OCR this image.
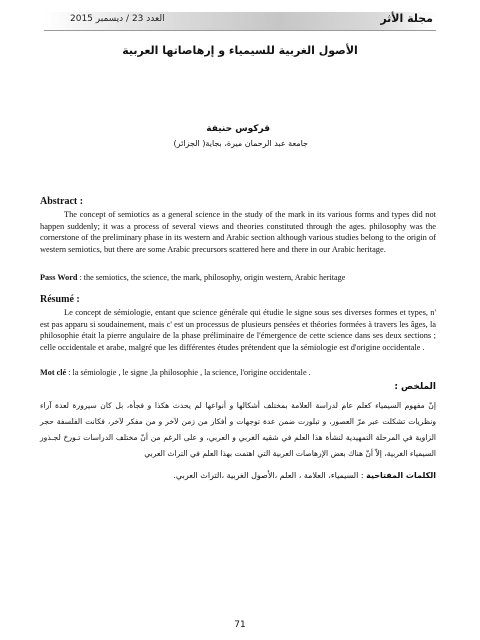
العدد 23 / ديسمبر 2015	مجلة الأثر
الأصول الغربية للسيمياء و إرهاصاتها العربية
قركوس حنيفة
جامعة عبد الرحمان ميرة، بجاية( الجزائر)
Abstract :
The concept of semiotics as a general science in the study of the mark in its various forms and types did not happen suddenly; it was a process of several views and theories constituted through the ages. philosophy was the cornerstone of the preliminary phase in its western and Arabic section although various studies belong to the origin of western semiotics, but there are some Arabic precursors scattered here and there in our Arabic heritage.
Pass Word : the semiotics, the science, the mark, philosophy, origin western, Arabic heritage
Résumé :
Le concept de sémiologie, entant que science générale qui étudie le signe sous ses diverses formes et types, n' est pas apparu si soudainement, mais c' est un processus de plusieurs pensées et théories formées à travers les âges, la philosophie était la pierre angulaire de la phase préliminaire de l'émergence de cette science dans ses deux sections ; celle occidentale et arabe, malgré que les différentes études prétendent que la sémiologie est d'origine occidentale .
Mot clé : la sémiologie , le signe ,la philosophie , la science, l'origine occidentale .
الملخص :
إنّ مفهوم السيمياء كعلم عام لدراسة العلامة بمختلف أشكالها و أنواعها لم يحدث هكذا و فجأة، بل كان سيرورة لعدة آراء ونظريات تشكلت عبر مرّ العصور، و تبلورت ضمن عدة توجهات و أفكار من زمن لآخر و من مفكر لآخر، فكانت الفلسفة حجر الزاوية في المرحلة التمهيدية لنشأة هذا العلم في شقيه الغربي و العربي، و على الرغم من أنّ مختلف الدراسات تـورخ لجـذور السيمياء الغربية، إلاّ أنّ هناك بعض الإرهاصات العربية التي اهتمت بهذا العلم في التراث العربي
الكلمات المفتاحية : السيمياء، العلامة ، العلم ،الأصول الغربية ،التراث العربي.
71
